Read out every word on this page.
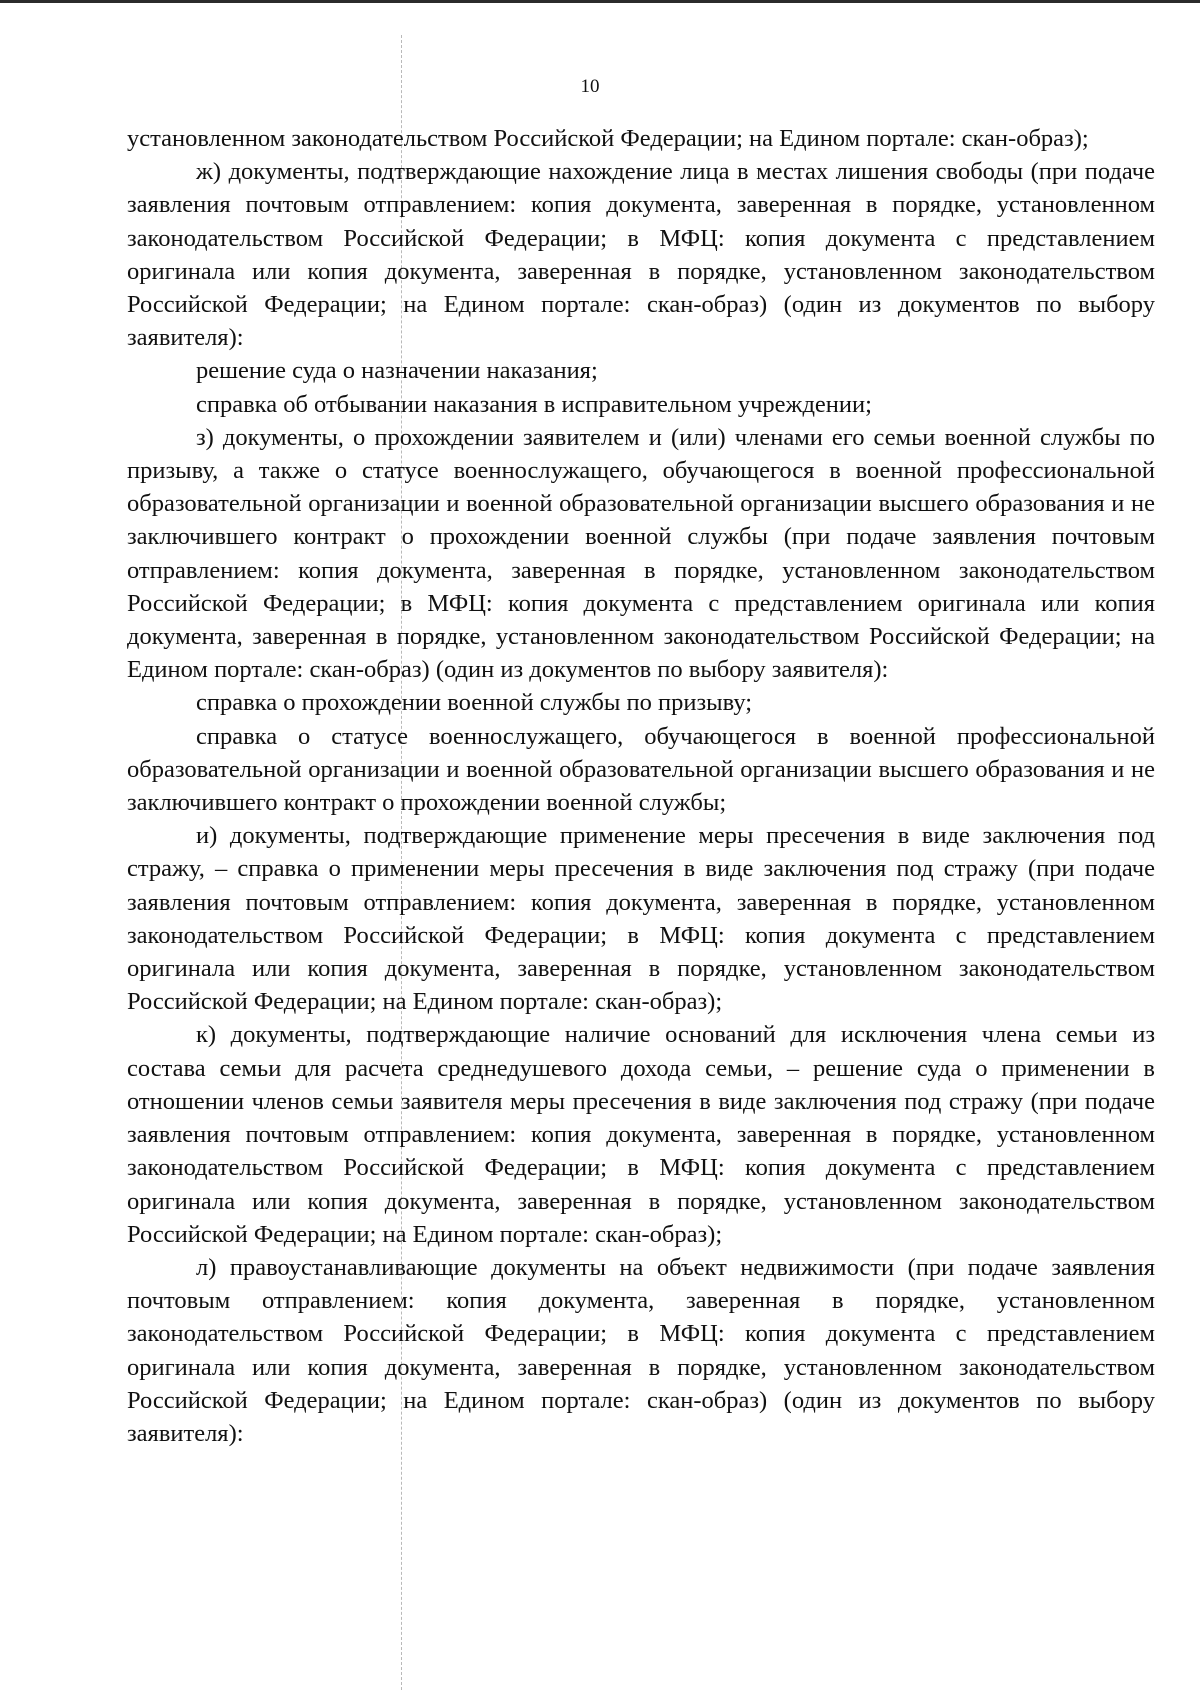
10

установленном законодательством Российской Федерации; на Едином портале: скан-образ);

ж) документы, подтверждающие нахождение лица в местах лишения свободы (при подаче заявления почтовым отправлением: копия документа, заверенная в порядке, установленном законодательством Российской Федерации; в МФЦ: копия документа с представлением оригинала или копия документа, заверенная в порядке, установленном законодательством Российской Федерации; на Едином портале: скан-образ) (один из документов по выбору заявителя):

решение суда о назначении наказания;

справка об отбывании наказания в исправительном учреждении;

з) документы, о прохождении заявителем и (или) членами его семьи военной службы по призыву, а также о статусе военнослужащего, обучающегося в военной профессиональной образовательной организации и военной образовательной организации высшего образования и не заключившего контракт о прохождении военной службы (при подаче заявления почтовым отправлением: копия документа, заверенная в порядке, установленном законодательством Российской Федерации; в МФЦ: копия документа с представлением оригинала или копия документа, заверенная в порядке, установленном законодательством Российской Федерации; на Едином портале: скан-образ) (один из документов по выбору заявителя):

справка о прохождении военной службы по призыву;

справка о статусе военнослужащего, обучающегося в военной профессиональной образовательной организации и военной образовательной организации высшего образования и не заключившего контракт о прохождении военной службы;

и) документы, подтверждающие применение меры пресечения в виде заключения под стражу, – справка о применении меры пресечения в виде заключения под стражу (при подаче заявления почтовым отправлением: копия документа, заверенная в порядке, установленном законодательством Российской Федерации; в МФЦ: копия документа с представлением оригинала или копия документа, заверенная в порядке, установленном законодательством Российской Федерации; на Едином портале: скан-образ);

к) документы, подтверждающие наличие оснований для исключения члена семьи из состава семьи для расчета среднедушевого дохода семьи, – решение суда о применении в отношении членов семьи заявителя меры пресечения в виде заключения под стражу (при подаче заявления почтовым отправлением: копия документа, заверенная в порядке, установленном законодательством Российской Федерации; в МФЦ: копия документа с представлением оригинала или копия документа, заверенная в порядке, установленном законодательством Российской Федерации; на Едином портале: скан-образ);

л) правоустанавливающие документы на объект недвижимости (при подаче заявления почтовым отправлением: копия документа, заверенная в порядке, установленном законодательством Российской Федерации; в МФЦ: копия документа с представлением оригинала или копия документа, заверенная в порядке, установленном законодательством Российской Федерации; на Едином портале: скан-образ) (один из документов по выбору заявителя):
